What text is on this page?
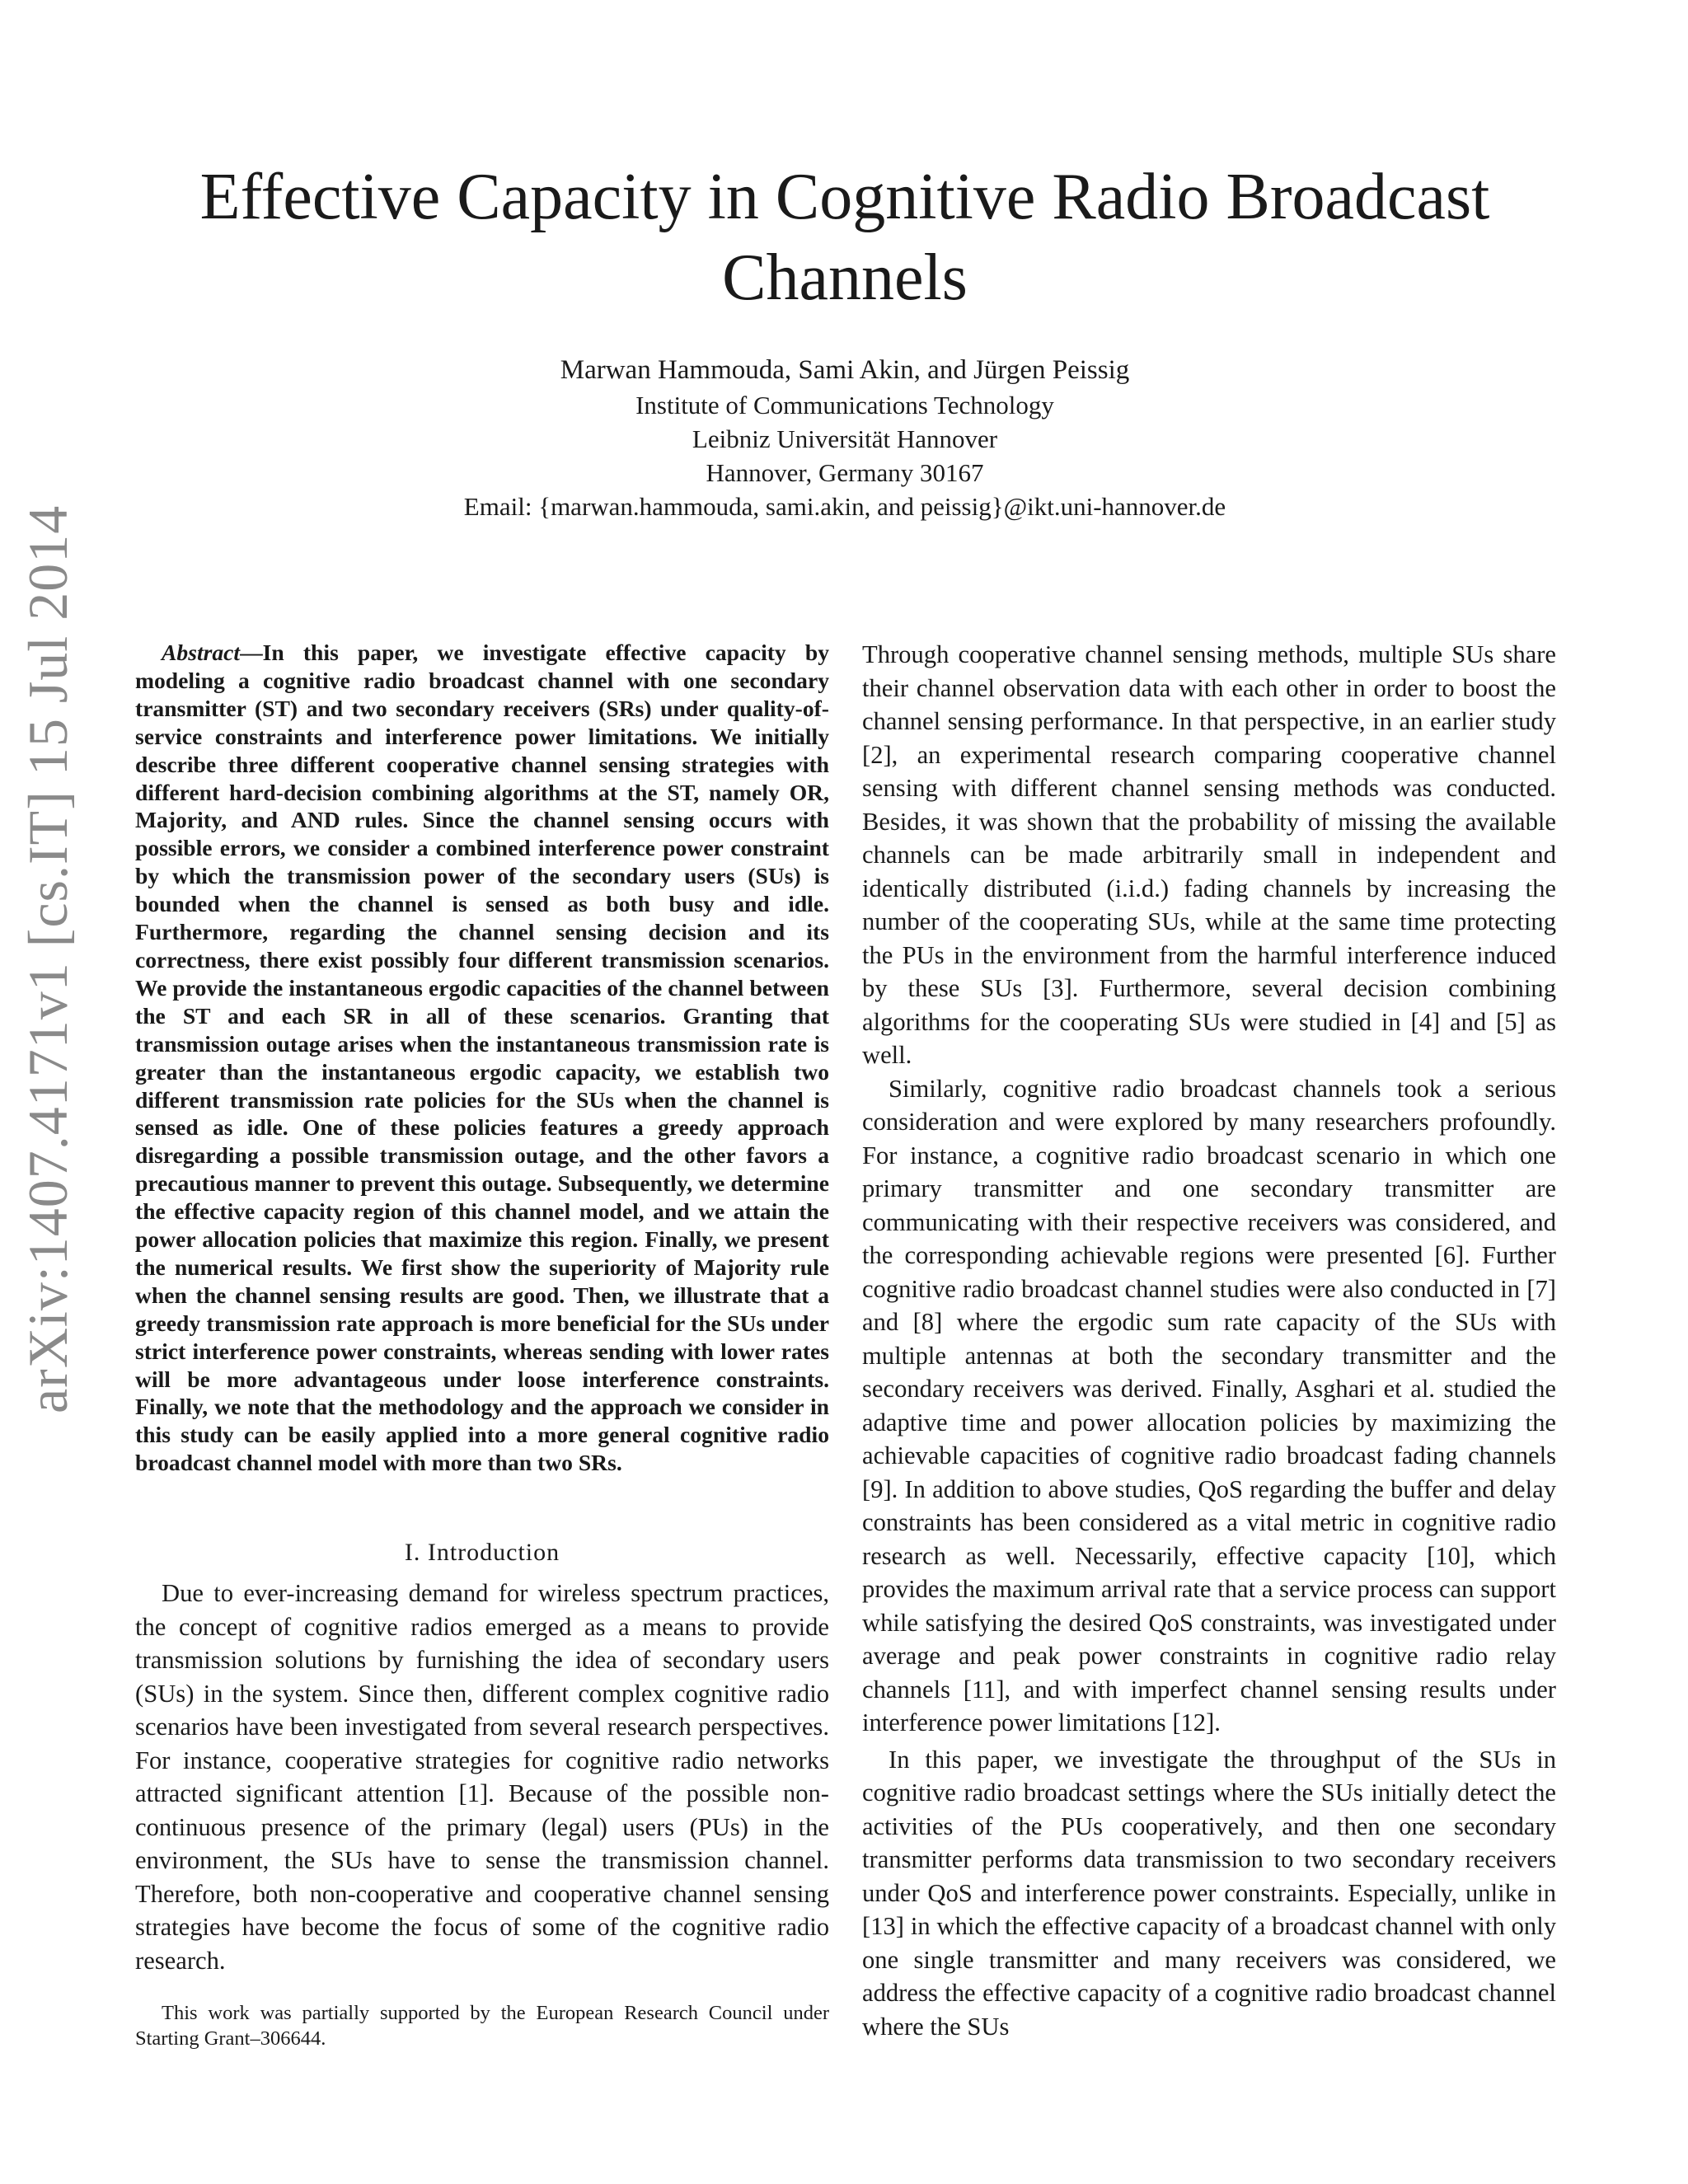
arXiv:1407.4171v1 [cs.IT] 15 Jul 2014
Effective Capacity in Cognitive Radio Broadcast Channels
Marwan Hammouda, Sami Akin, and Jürgen Peissig
Institute of Communications Technology
Leibniz Universität Hannover
Hannover, Germany 30167
Email: {marwan.hammouda, sami.akin, and peissig}@ikt.uni-hannover.de
Abstract—In this paper, we investigate effective capacity by modeling a cognitive radio broadcast channel with one secondary transmitter (ST) and two secondary receivers (SRs) under quality-of-service constraints and interference power limitations. We initially describe three different cooperative channel sensing strategies with different hard-decision combining algorithms at the ST, namely OR, Majority, and AND rules. Since the channel sensing occurs with possible errors, we consider a combined interference power constraint by which the transmission power of the secondary users (SUs) is bounded when the channel is sensed as both busy and idle. Furthermore, regarding the channel sensing decision and its correctness, there exist possibly four different transmission scenarios. We provide the instantaneous ergodic capacities of the channel between the ST and each SR in all of these scenarios. Granting that transmission outage arises when the instantaneous transmission rate is greater than the instantaneous ergodic capacity, we establish two different transmission rate policies for the SUs when the channel is sensed as idle. One of these policies features a greedy approach disregarding a possible transmission outage, and the other favors a precautious manner to prevent this outage. Subsequently, we determine the effective capacity region of this channel model, and we attain the power allocation policies that maximize this region. Finally, we present the numerical results. We first show the superiority of Majority rule when the channel sensing results are good. Then, we illustrate that a greedy transmission rate approach is more beneficial for the SUs under strict interference power constraints, whereas sending with lower rates will be more advantageous under loose interference constraints. Finally, we note that the methodology and the approach we consider in this study can be easily applied into a more general cognitive radio broadcast channel model with more than two SRs.
I. Introduction

Due to ever-increasing demand for wireless spectrum practices, the concept of cognitive radios emerged as a means to provide transmission solutions by furnishing the idea of secondary users (SUs) in the system. Since then, different complex cognitive radio scenarios have been investigated from several research perspectives. For instance, cooperative strategies for cognitive radio networks attracted significant attention [1]. Because of the possible non-continuous presence of the primary (legal) users (PUs) in the environment, the SUs have to sense the transmission channel. Therefore, both non-cooperative and cooperative channel sensing strategies have become the focus of some of the cognitive radio research.

This work was partially supported by the European Research Council under Starting Grant–306644.

Through cooperative channel sensing methods, multiple SUs share their channel observation data with each other in order to boost the channel sensing performance. In that perspective, in an earlier study [2], an experimental research comparing cooperative channel sensing with different channel sensing methods was conducted. Besides, it was shown that the probability of missing the available channels can be made arbitrarily small in independent and identically distributed (i.i.d.) fading channels by increasing the number of the cooperating SUs, while at the same time protecting the PUs in the environment from the harmful interference induced by these SUs [3]. Furthermore, several decision combining algorithms for the cooperating SUs were studied in [4] and [5] as well.

Similarly, cognitive radio broadcast channels took a serious consideration and were explored by many researchers profoundly. For instance, a cognitive radio broadcast scenario in which one primary transmitter and one secondary transmitter are communicating with their respective receivers was considered, and the corresponding achievable regions were presented [6]. Further cognitive radio broadcast channel studies were also conducted in [7] and [8] where the ergodic sum rate capacity of the SUs with multiple antennas at both the secondary transmitter and the secondary receivers was derived. Finally, Asghari et al. studied the adaptive time and power allocation policies by maximizing the achievable capacities of cognitive radio broadcast fading channels [9]. In addition to above studies, QoS regarding the buffer and delay constraints has been considered as a vital metric in cognitive radio research as well. Necessarily, effective capacity [10], which provides the maximum arrival rate that a service process can support while satisfying the desired QoS constraints, was investigated under average and peak power constraints in cognitive radio relay channels [11], and with imperfect channel sensing results under interference power limitations [12].

In this paper, we investigate the throughput of the SUs in cognitive radio broadcast settings where the SUs initially detect the activities of the PUs cooperatively, and then one secondary transmitter performs data transmission to two secondary receivers under QoS and interference power constraints. Especially, unlike in [13] in which the effective capacity of a broadcast channel with only one single transmitter and many receivers was considered, we address the effective capacity of a cognitive radio broadcast channel where the SUs
